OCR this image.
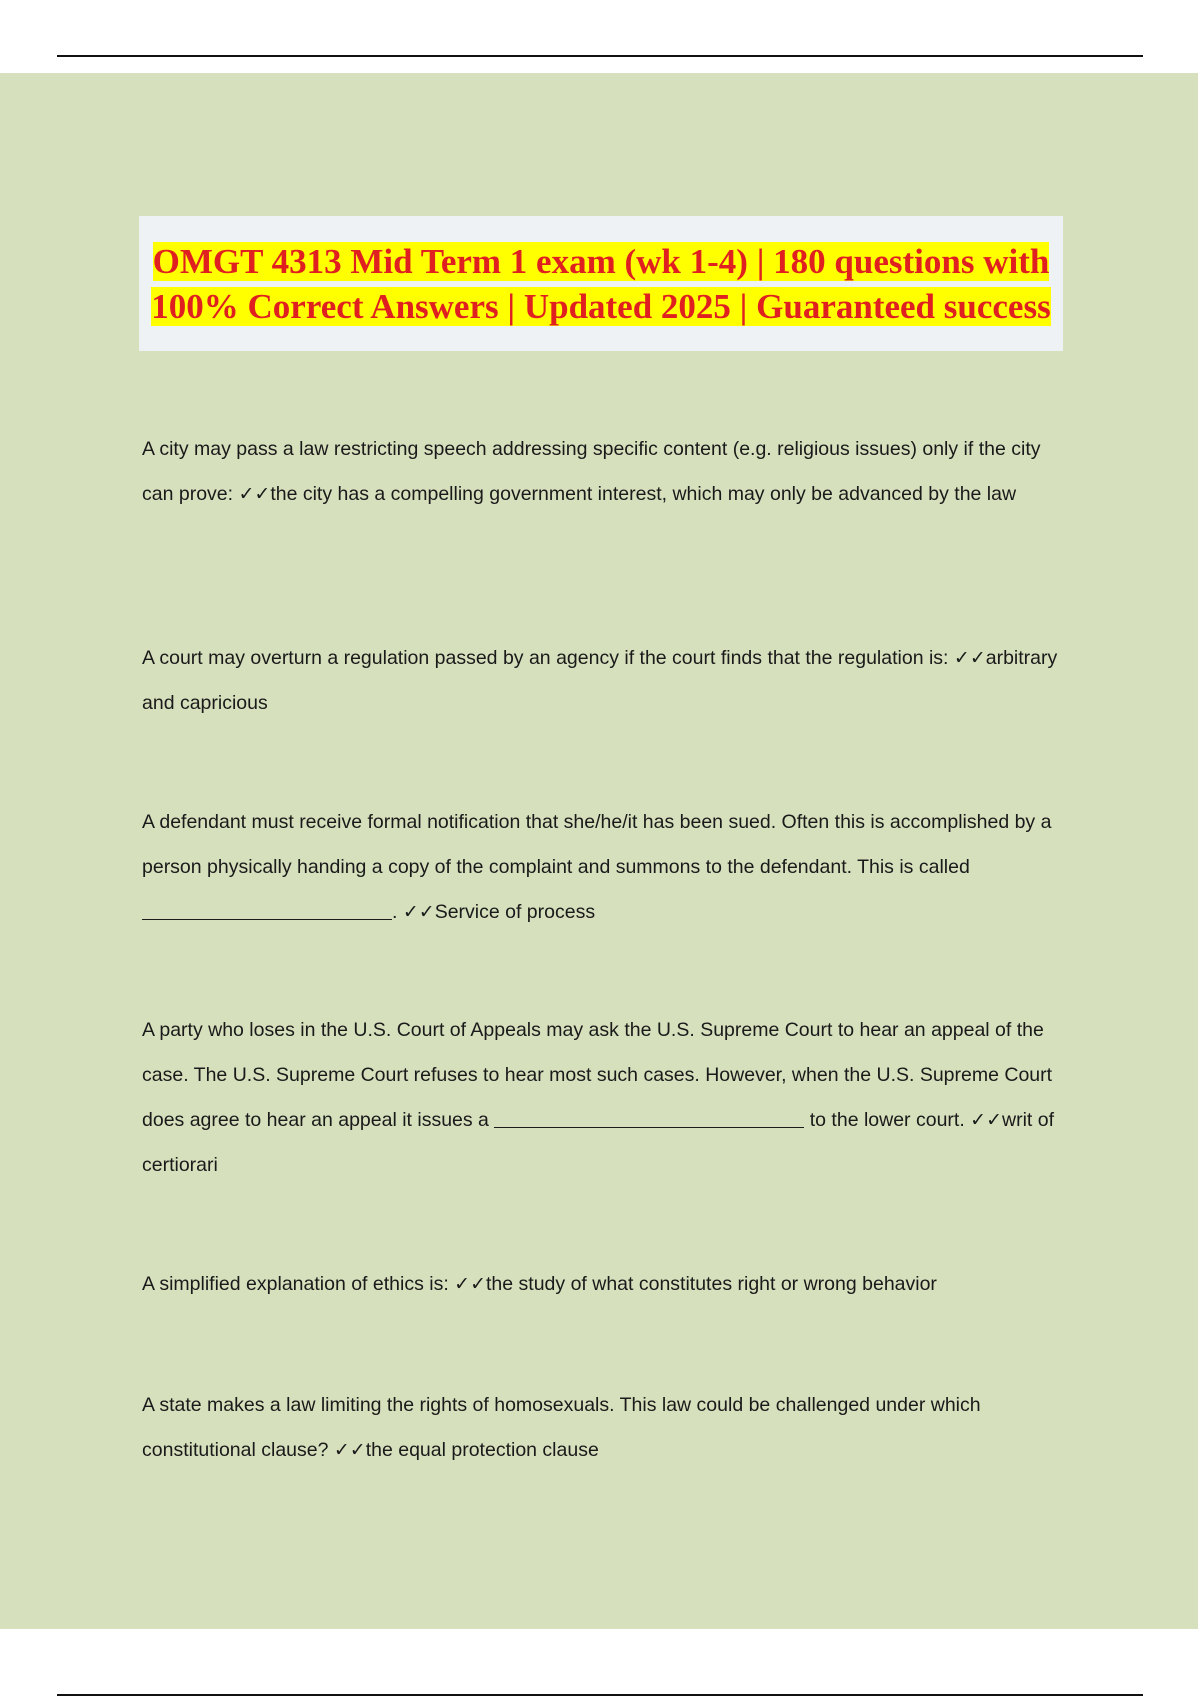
OMGT 4313 Mid Term 1 exam (wk 1-4) | 180 questions with 100% Correct Answers | Updated 2025 | Guaranteed success

A city may pass a law restricting speech addressing specific content (e.g. religious issues) only if the city can prove: ✓✓the city has a compelling government interest, which may only be advanced by the law

A court may overturn a regulation passed by an agency if the court finds that the regulation is: ✓✓arbitrary and capricious

A defendant must receive formal notification that she/he/it has been sued. Often this is accomplished by a person physically handing a copy of the complaint and summons to the defendant. This is called . ✓✓Service of process

A party who loses in the U.S. Court of Appeals may ask the U.S. Supreme Court to hear an appeal of the case. The U.S. Supreme Court refuses to hear most such cases. However, when the U.S. Supreme Court does agree to hear an appeal it issues a	to the lower court. ✓✓writ of certiorari

A simplified explanation of ethics is: ✓✓the study of what constitutes right or wrong behavior

A state makes a law limiting the rights of homosexuals. This law could be challenged under which constitutional clause? ✓✓the equal protection clause
